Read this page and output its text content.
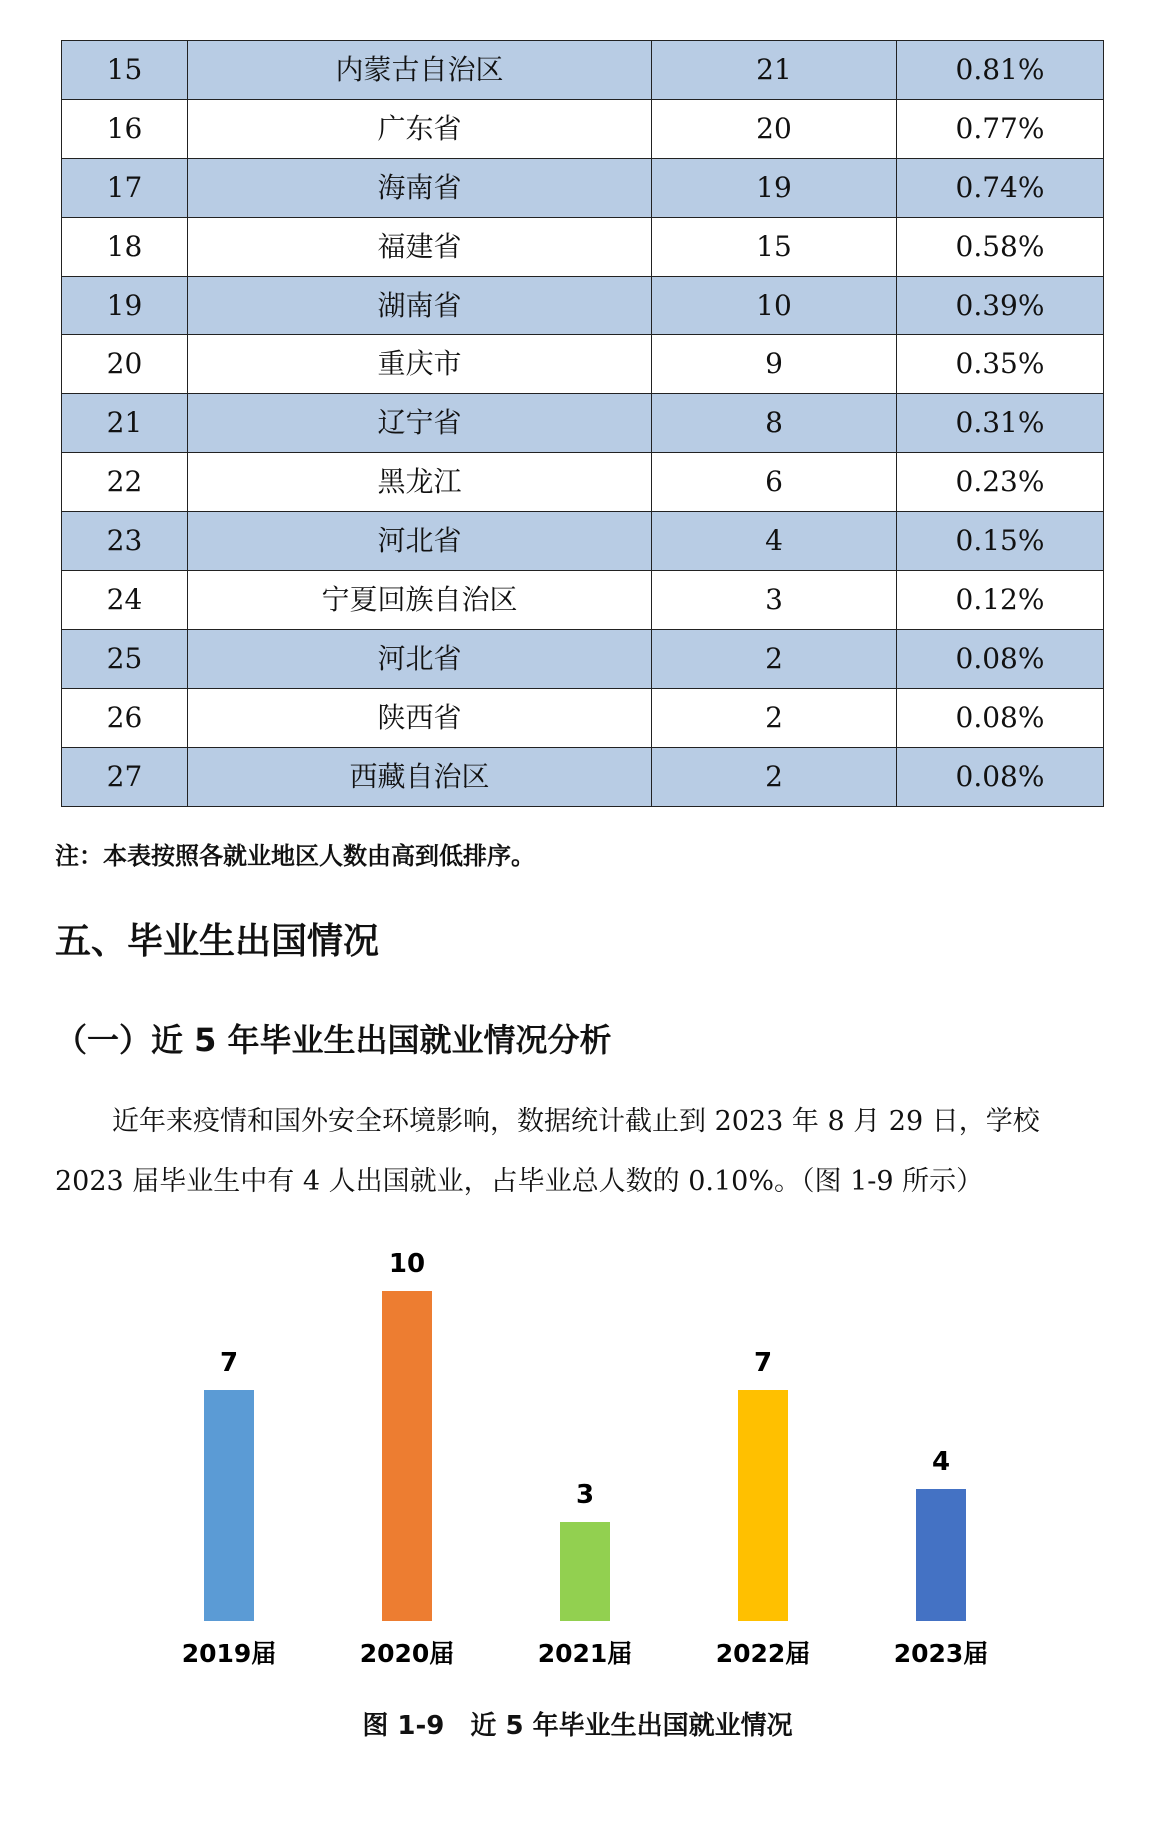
15	内蒙古自治区	21	0.81%
16	广东省	20	0.77%
17	海南省	19	0.74%
18	福建省	15	0.58%
19	湖南省	10	0.39%
20	重庆市	9	0.35%
21	辽宁省	8	0.31%
22	黑龙江	6	0.23%
23	河北省	4	0.15%
24	宁夏回族自治区	3	0.12%
25	河北省	2	0.08%
26	陕西省	2	0.08%
27	西藏自治区	2	0.08%
注：本表按照各就业地区人数由高到低排序。
五、毕业生出国情况
（一）近 5 年毕业生出国就业情况分析

近年来疫情和国外安全环境影响，数据统计截止到 2023 年 8 月 29 日，学校
2023 届毕业生中有 4 人出国就业，占毕业总人数的 0.10%。（图 1-9 所示）

7
2019届
10
2020届
3
2021届
7
2022届
4
2023届
图 1-9　近 5 年毕业生出国就业情况
